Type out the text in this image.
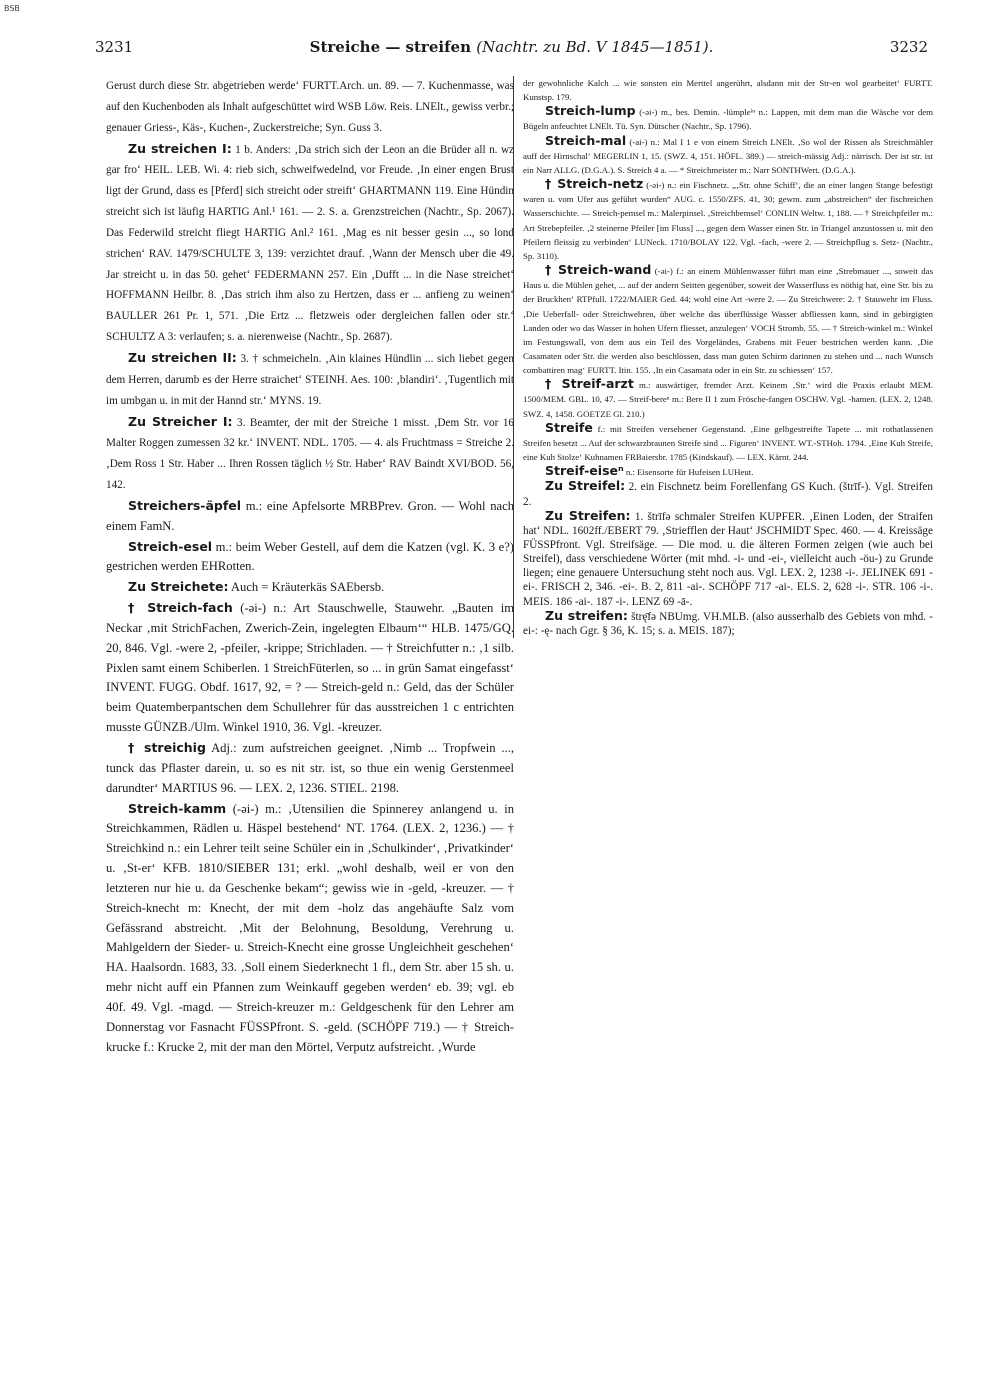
BSB
3231	Streiche — streifen (Nachtr. zu Bd. V 1845—1851).	3232

Gerust durch diese Str. abgetrieben werde‘ FURTT.Arch. un. 89. — 7. Kuchenmasse, was auf den Kuchenboden als Inhalt aufgeschüttet wird WSB Löw. Reis. LNElt., gewiss verbr.; genauer Griess-, Käs-, Kuchen-, Zuckerstreiche; Syn. Guss 3.

Zu streichen I: 1 b. Anders: ‚Da strich sich der Leon an die Brüder all n. wz gar fro‘ HEIL. LEB. Wi. 4: rieb sich, schweifwedelnd, vor Freude. ‚In einer engen Brust ligt der Grund, dass es [Pferd] sich streicht oder streift‘ GHARTMANN 119. Eine Hündin streicht sich ist läufig HARTIG Anl.¹ 161. — 2. S. a. Grenzstreichen (Nachtr., Sp. 2067). Das Federwild streicht fliegt HARTIG Anl.² 161. ‚Mag es nit besser gesin ..., so lond strichen‘ RAV. 1479/SCHULTE 3, 139: verzichtet drauf. ‚Wann der Mensch uber die 49. Jar streicht u. in das 50. gehet‘ FEDERMANN 257. Ein ‚Dufft ... in die Nase streichet‘ HOFFMANN Heilbr. 8. ‚Das strich ihm also zu Hertzen, dass er ... anfieng zu weinen‘ BAULLER 261 Pr. 1, 571. ‚Die Ertz ... fletzweis oder dergleichen fallen oder str.‘ SCHULTZ A 3: verlaufen; s. a. nierenweise (Nachtr., Sp. 2687).

Zu streichen II: 3. † schmeicheln. ‚Ain klaines Hündlin ... sich liebet gegen dem Herren, darumb es der Herre straichet‘ STEINH. Aes. 100: ‚blandiri‘. ‚Tugentlich mit im umbgan u. in mit der Hannd str.‘ MYNS. 19.

Zu Streicher I: 3. Beamter, der mit der Streiche 1 misst. ‚Dem Str. vor 16 Malter Roggen zumessen 32 kr.‘ INVENT. NDL. 1705. — 4. als Fruchtmass = Streiche 2. ‚Dem Ross 1 Str. Haber ... Ihren Rossen täglich ½ Str. Haber‘ RAV Baindt XVI/BOD. 56, 142.

Streichers-äpfel m.: eine Apfelsorte MRBPrev. Gron. — Wohl nach einem FamN.

Streich-esel m.: beim Weber Gestell, auf dem die Katzen (vgl. K. 3 e?) gestrichen werden EHRotten.

Zu Streichete: Auch = Kräuterkäs SAEbersb.

† Streich-fach (-əi-) n.: Art Stauschwelle, Stauwehr. „Bauten im Neckar ‚mit StrichFachen, Zwerich-Zein, ingelegten Elbaum‘“ HLB. 1475/GQ. 20, 846. Vgl. -were 2, -pfeiler, -krippe; Strichladen. — † Streichfutter n.: ‚1 silb. Pixlen samt einem Schiberlen. 1 StreichFüterlen, so ... in grün Samat eingefasst‘ INVENT. FUGG. Obdf. 1617, 92, = ? — Streich-geld n.: Geld, das der Schüler beim Quatemberpantschen dem Schullehrer für das ausstreichen 1 c entrichten musste GÜNZB./Ulm. Winkel 1910, 36. Vgl. -kreuzer.

† streichig Adj.: zum aufstreichen geeignet. ‚Nimb ... Tropfwein ..., tunck das Pflaster darein, u. so es nit str. ist, so thue ein wenig Gerstenmeel darundter‘ MARTIUS 96. — LEX. 2, 1236. STIEL. 2198.

Streich-kamm (-əi-) m.: ‚Utensilien die Spinnerey anlangend u. in Streichkammen, Rädlen u. Häspel bestehend‘ NT. 1764. (LEX. 2, 1236.) — † Streichkind n.: ein Lehrer teilt seine Schüler ein in ‚Schulkinder‘, ‚Privatkinder‘ u. ‚St-er‘ KFB. 1810/SIEBER 131; erkl. „wohl deshalb, weil er von den letzteren nur hie u. da Geschenke bekam“; gewiss wie in -geld, -kreuzer. — † Streich-knecht m: Knecht, der mit dem -holz das angehäufte Salz vom Gefässrand abstreicht. ‚Mit der Belohnung, Besoldung, Verehrung u. Mahlgeldern der Sieder- u. Streich-Knecht eine grosse Ungleichheit geschehen‘ HA. Haalsordn. 1683, 33. ‚Soll einem Siederknecht 1 fl., dem Str. aber 15 sh. u. mehr nicht auff ein Pfannen zum Weinkauff gegeben werden‘ eb. 39; vgl. eb 40f. 49. Vgl. -magd. — Streich-kreuzer m.: Geldgeschenk für den Lehrer am Donnerstag vor Fasnacht FÜSSPfront. S. -geld. (SCHÖPF 719.) — † Streich-krucke f.: Krucke 2, mit der man den Mörtel, Verputz aufstreicht. ‚Wurde

der gewohnliche Kalch ... wie sonsten ein Merttel angerührt, alsdann mit der Str-en wol gearbeitet‘ FURTT. Kunstsp. 179.

Streich-lump (-əi-) m., bes. Demin. -lümpleⁱⁿ n.: Lappen, mit dem man die Wäsche vor dem Bügeln anfeuchtet LNElt. Tü. Syn. Dütscher (Nachtr., Sp. 1796).

Streich-mal (-ai-) n.: Mal I 1 e von einem Streich LNElt. ‚So wol der Rissen als Streichmähler auff der Hirnschal‘ MEGERLIN 1, 15. (SWZ. 4, 151. HÖFL. 389.) — streich-mässig Adj.: närrisch. Der ist str. ist ein Narr ALLG. (D.G.A.). S. Streich 4 a. — * Streichmeister m.: Narr SONTHWert. (D.G.A.).

† Streich-netz (-əi-) n.: ein Fischnetz. „‚Str. ohne Schiff‘, die an einer langen Stange befestigt waren u. vom Ufer aus geführt wurden“ AUG. c. 1550/ZFS. 41, 30; gewm. zum „abstreichen“ der fischreichen Wasserschichte. — Streich-pemsel m.: Malerpinsel. ‚Streichbemsel‘ CONLIN Weltw. 1, 188. — † Streichpfeiler m.: Art Strebepfeiler. ‚2 steinerne Pfeiler [im Fluss] ..., gegen dem Wasser einen Str. in Triangel anzustossen u. mit den Pfeilern fleissig zu verbinden‘ LUNeck. 1710/BOLAY 122. Vgl. -fach, -were 2. — Streichpflug s. Setz- (Nachtr., Sp. 3110).

† Streich-wand (-əi-) f.: an einem Mühlenwasser führt man eine ‚Strebmauer ..., soweit das Haus u. die Mühlen gehet, ... auf der andern Seitten gegenüber, soweit der Wasserfluss es nöthig hat, eine Str. bis zu der Bruckhen‘ RTPfull. 1722/MAIER Ged. 44; wohl eine Art -were 2. — Zu Streichwere: 2. † Stauwehr im Fluss. ‚Die Ueberfall- oder Streichwehren, über welche das überflüssige Wasser abfliessen kann, sind in gebirgigten Landen oder wo das Wasser in hohen Ufern fliesset, anzulegen‘ VOCH Stromb. 55. — † Streich-winkel m.: Winkel im Festungswall, von dem aus ein Teil des Vorgeländes, Grabens mit Feuer bestrichen werden kann. ‚Die Casamaten oder Str. die werden also beschlossen, dass man guten Schirm darinnen zu stehen und ... nach Wunsch combattiren mag‘ FURTT. Itin. 155. ‚In ein Casamata oder in ein Str. zu schiessen‘ 157.

† Streif-arzt m.: auswärtiger, fremder Arzt. Keinem ‚Str.‘ wird die Praxis erlaubt MEM. 1500/MEM. GBL. 10, 47. — Streif-bereⁿ m.: Bere II 1 zum Frösche-fangen OSCHW. Vgl. -hamen. (LEX. 2, 1248. SWZ. 4, 1458. GOETZE Gl. 210.)

Streife f.: mit Streifen versehener Gegenstand. ‚Eine gelbgestreifte Tapete ... mit rothatlassenen Streifen besetzt ... Auf der schwarzbraunen Streife sind ... Figuren‘ INVENT. WT.-STHoh. 1794. ‚Eine Kuh Streife, eine Kuh Stolze‘ Kuhnamen FRBaiersbr. 1785 (Kindskauf). — LEX. Kärnt. 244.

Streif-eiseⁿ n.: Eisensorte für Hufeisen LUHeut.

Zu Streifel: 2. ein Fischnetz beim Forellenfang GS Kuch. (štrīf-). Vgl. Streifen 2.

Zu Streifen: 1. štrīfə schmaler Streifen KUPFER. ‚Einen Loden, der Straifen hat‘ NDL. 1602ff./EBERT 79. ‚Striefflen der Haut‘ JSCHMIDT Spec. 460. — 4. Kreissäge FÜSSPfront. Vgl. Streifsäge. — Die mod. u. die älteren Formen zeigen (wie auch bei Streifel), dass verschiedene Wörter (mit mhd. -i- und -ei-, vielleicht auch -öu-) zu Grunde liegen; eine genauere Untersuchung steht noch aus. Vgl. LEX. 2, 1238 -i-. JELINEK 691 -ei-. FRISCH 2, 346. -ei-. B. 2, 811 -ai-. SCHÖPF 717 -ai-. ELS. 2, 628 -i-. STR. 106 -i-. MEIS. 186 -ai-. 187 -i-. LENZ 69 -ā-.

Zu streifen: štrę̄fə NBUmg. VH.MLB. (also ausserhalb des Gebiets von mhd. -ei-: -ę- nach Ggr. § 36, K. 15; s. a. MEIS. 187);
